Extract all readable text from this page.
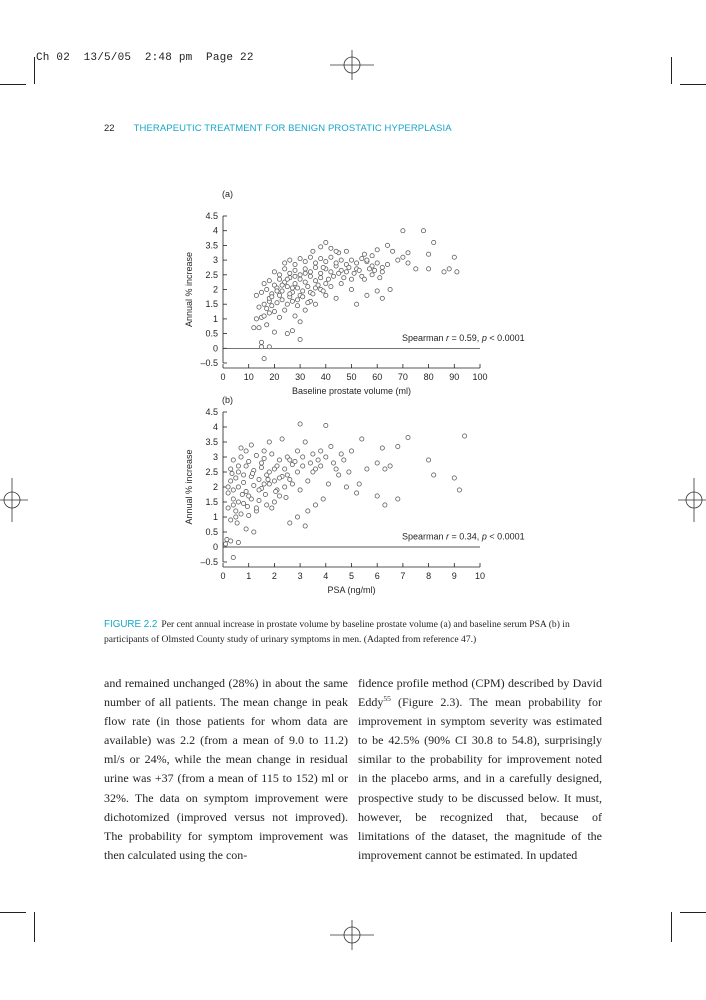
Ch 02  13/5/05  2:48 pm  Page 22
22 THERAPEUTIC TREATMENT FOR BENIGN PROSTATIC HYPERPLASIA
(a)
–0.5
0
0.5
1
1.5
2
2.5
3
3.5
4
4.5
0 10 20 30 40 50 60 70 80 90 100
Baseline prostate volume (ml)
Annual % increase
Spearman r = 0.59, p < 0.0001
(b)
–0.5
0
0.5
1
1.5
2
2.5
3
3.5
4
4.5
0 1 2 3 4 5 6 7 8 9 10
PSA (ng/ml)
Annual % increase
Spearman r = 0.34, p < 0.0001
FIGURE 2.2 Per cent annual increase in prostate volume by baseline prostate volume (a) and baseline serum PSA (b) in participants of Olmsted County study of urinary symptoms in men. (Adapted from reference 47.)
and remained unchanged (28%) in about the same number of all patients. The mean change in peak flow rate (in those patients for whom data are available) was 2.2 (from a mean of 9.0 to 11.2) ml/s or 24%, while the mean change in residual urine was +37 (from a mean of 115 to 152) ml or 32%. The data on symptom improvement were dichotomized (improved versus not improved). The probability for symptom improvement was then calculated using the con-
fidence profile method (CPM) described by David Eddy$^{55}$ (Figure 2.3). The mean probability for improvement in symptom severity was estimated to be 42.5% (90% CI 30.8 to 54.8), surprisingly similar to the probability for improvement noted in the placebo arms, and in a carefully designed, prospective study to be discussed below. It must, however, be recognized that, because of limitations of the dataset, the magnitude of the improvement cannot be estimated. In updated
